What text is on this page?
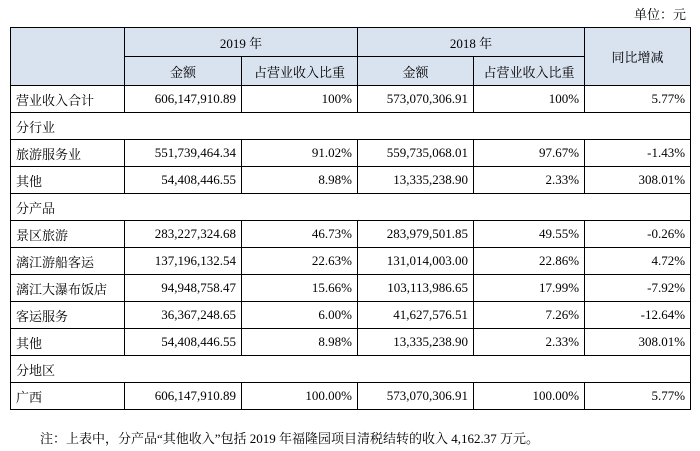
单位：元
	2019 年		2018 年		同比增减
	金额	占营业收入比重	金额	占营业收入比重	
营业收入合计	606,147,910.89	100%	573,070,306.91	100%	5.77%
分行业					
旅游服务业	551,739,464.34	91.02%	559,735,068.01	97.67%	-1.43%
其他	54,408,446.55	8.98%	13,335,238.90	2.33%	308.01%
分产品					
景区旅游	283,227,324.68	46.73%	283,979,501.85	49.55%	-0.26%
漓江游船客运	137,196,132.54	22.63%	131,014,003.00	22.86%	4.72%
漓江大瀑布饭店	94,948,758.47	15.66%	103,113,986.65	17.99%	-7.92%
客运服务	36,367,248.65	6.00%	41,627,576.51	7.26%	-12.64%
其他	54,408,446.55	8.98%	13,335,238.90	2.33%	308.01%
分地区					
广西	606,147,910.89	100.00%	573,070,306.91	100.00%	5.77%
注：上表中，分产品“其他收入”包括 2019 年福隆园项目清税结转的收入 4,162.37 万元。
